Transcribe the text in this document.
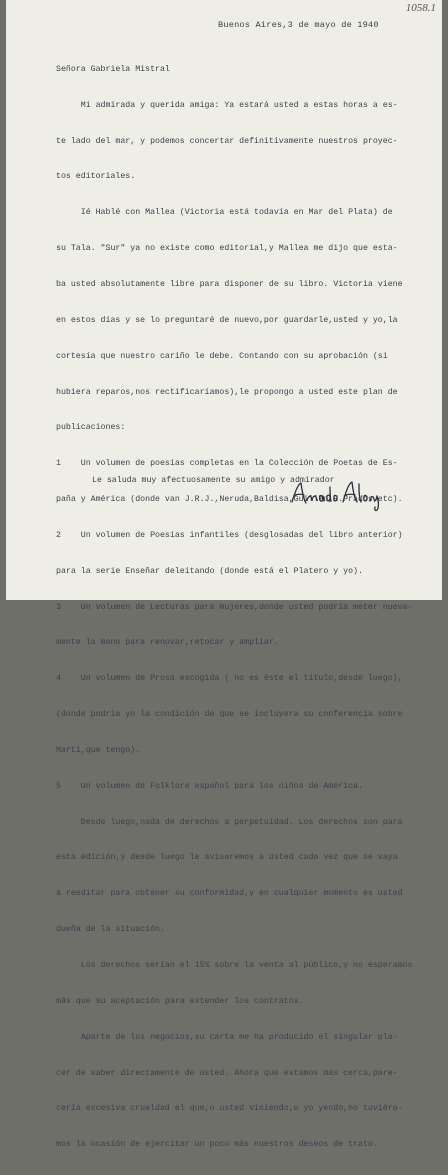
1058.1
Buenos Aires,3 de mayo de 1940

Señora Gabriela Mistral

Mi admirada y querida amiga: Ya estará usted a estas horas a es-

te lado del mar, y podemos concertar definitivamente nuestros proyec-

tos editoriales.

Ié Hablé con Mallea (Victoria está todavía en Mar del Plata) de

su Tala. "Sur" ya no existe como editorial,y Mallea me dijo que esta-

ba usted absolutamente libre para disponer de su libro. Victoria viene

en estos días y se lo preguntaré de nuevo,por guardarle,usted y yo,la

cortesía que nuestro cariño le debe. Contando con su aprobación (si

hubiera reparos,nos rectificaríamos),le propongo a usted este plan de

publicaciones:

1    Un volumen de poesías completas en la Colección de Poetas de Es-

paña y América (donde van J.R.J.,Neruda,Baldisa,Guillén,E.Prados,etc).

2    Un volumen de Poesías infantiles (desglosadas del libro anterior)

para la serie Enseñar deleitando (donde está el Platero y yo).

3    Un volumen de Lecturas para mujeres,donde usted podría meter nueva-

mente la mano para renovar,retocar y ampliar.

4    Un volumen de Prosa escogida ( no es éste el título,desde luego),

(donde podría yo la condición de que se incluyera su conferencia sobre

Martí,que tengo).

5    Un volumen de Folklore español para los niños de América.

Desde luego,nada de derechos a perpetuidad. Los derechos son para

esta edición,y desde luego le avisaremos a usted cada vez que se vaya

a reeditar para obtener su conformidad,y en cualquier momento es usted

dueña de la situación.

Los derechos serían el 15% sobre la venta al público,y no esperamos

más que su aceptación para extender los contratos.

Aparte de los negocios,su carta me ha producido el singular pla-

cer de saber directamente de usted. Ahora que estamos más cerca,pare-

cería excesiva crueldad el que,o usted viniendo,o yo yendo,no tuviéra-

mos la ocasión de ejercitar un poco más nuestros deseos de trato.

Le saluda muy afectuosamente su amigo y admirador
